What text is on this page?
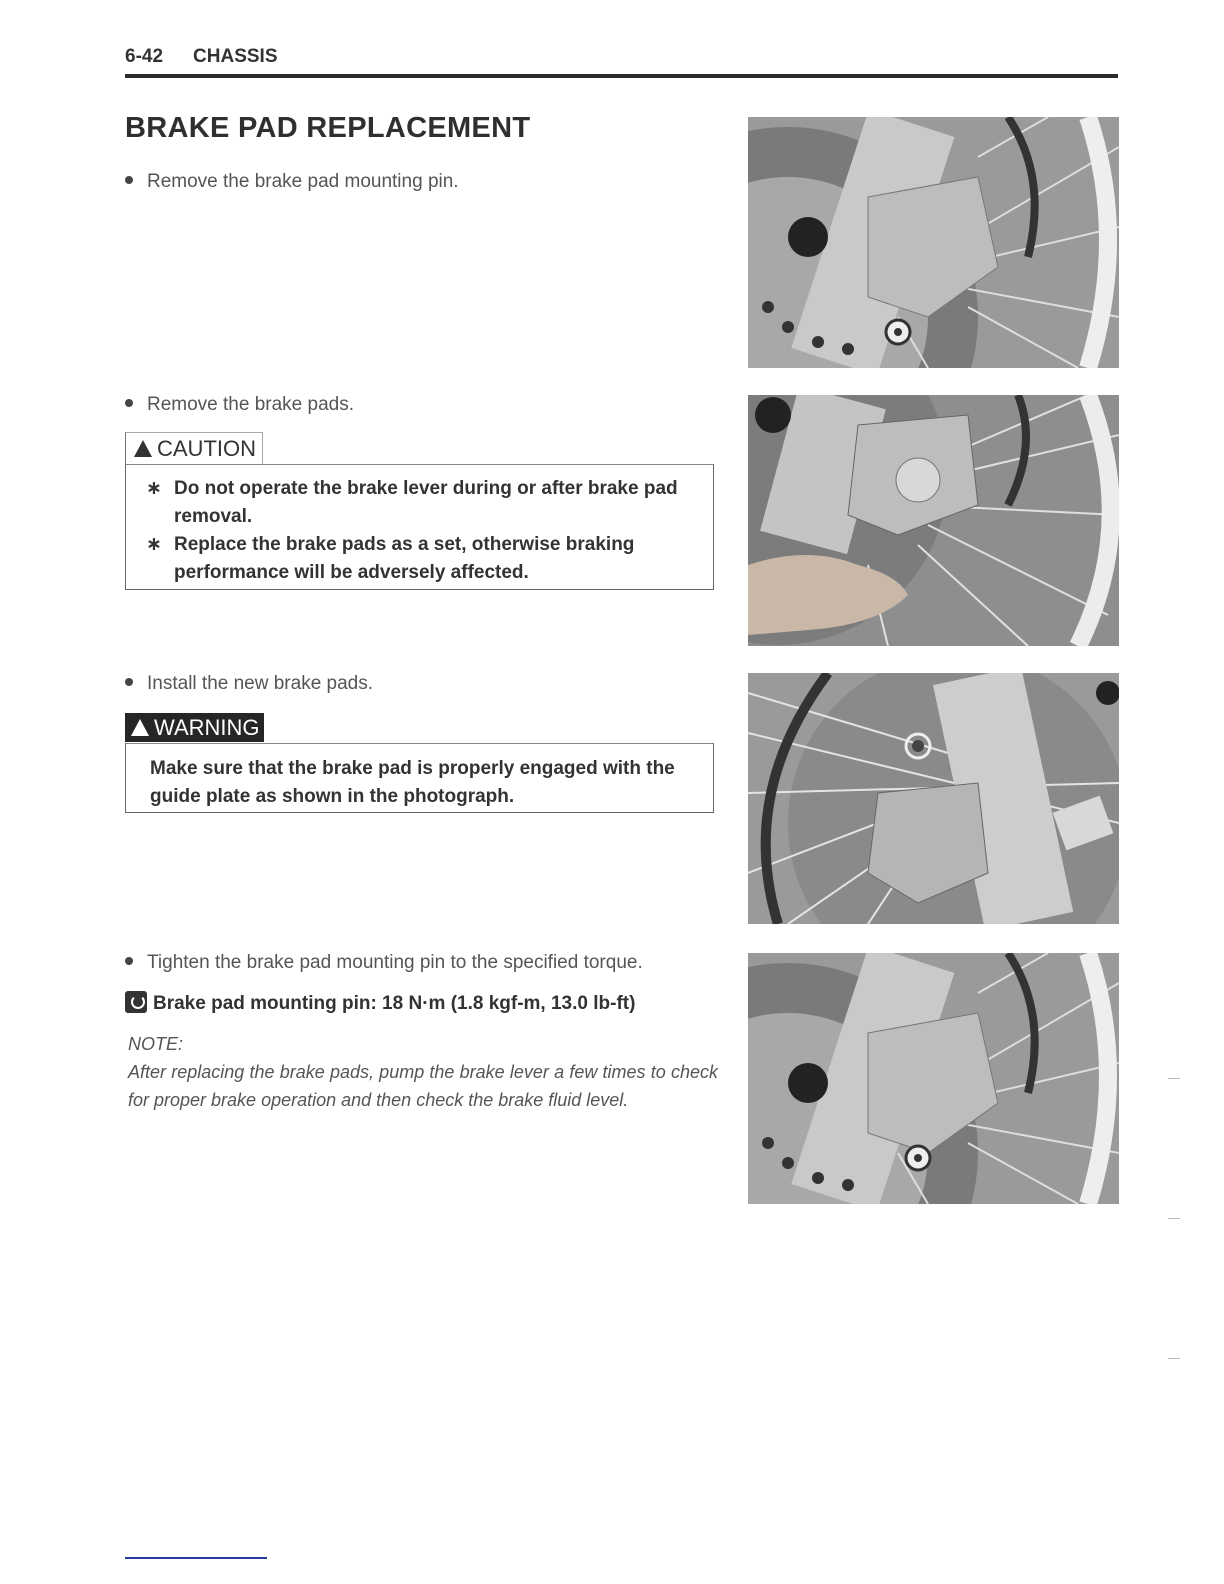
6-42 CHASSIS
BRAKE PAD REPLACEMENT
Remove the brake pad mounting pin.
Remove the brake pads.
CAUTION
∗ Do not operate the brake lever during or after brake pad removal.
∗ Replace the brake pads as a set, otherwise braking performance will be adversely affected.
Install the new brake pads.
WARNING
Make sure that the brake pad is properly engaged with the guide plate as shown in the photograph.
Tighten the brake pad mounting pin to the specified torque.
Brake pad mounting pin: 18 N·m (1.8 kgf-m, 13.0 lb-ft)
NOTE:
After replacing the brake pads, pump the brake lever a few times to check for proper brake operation and then check the brake fluid level.
